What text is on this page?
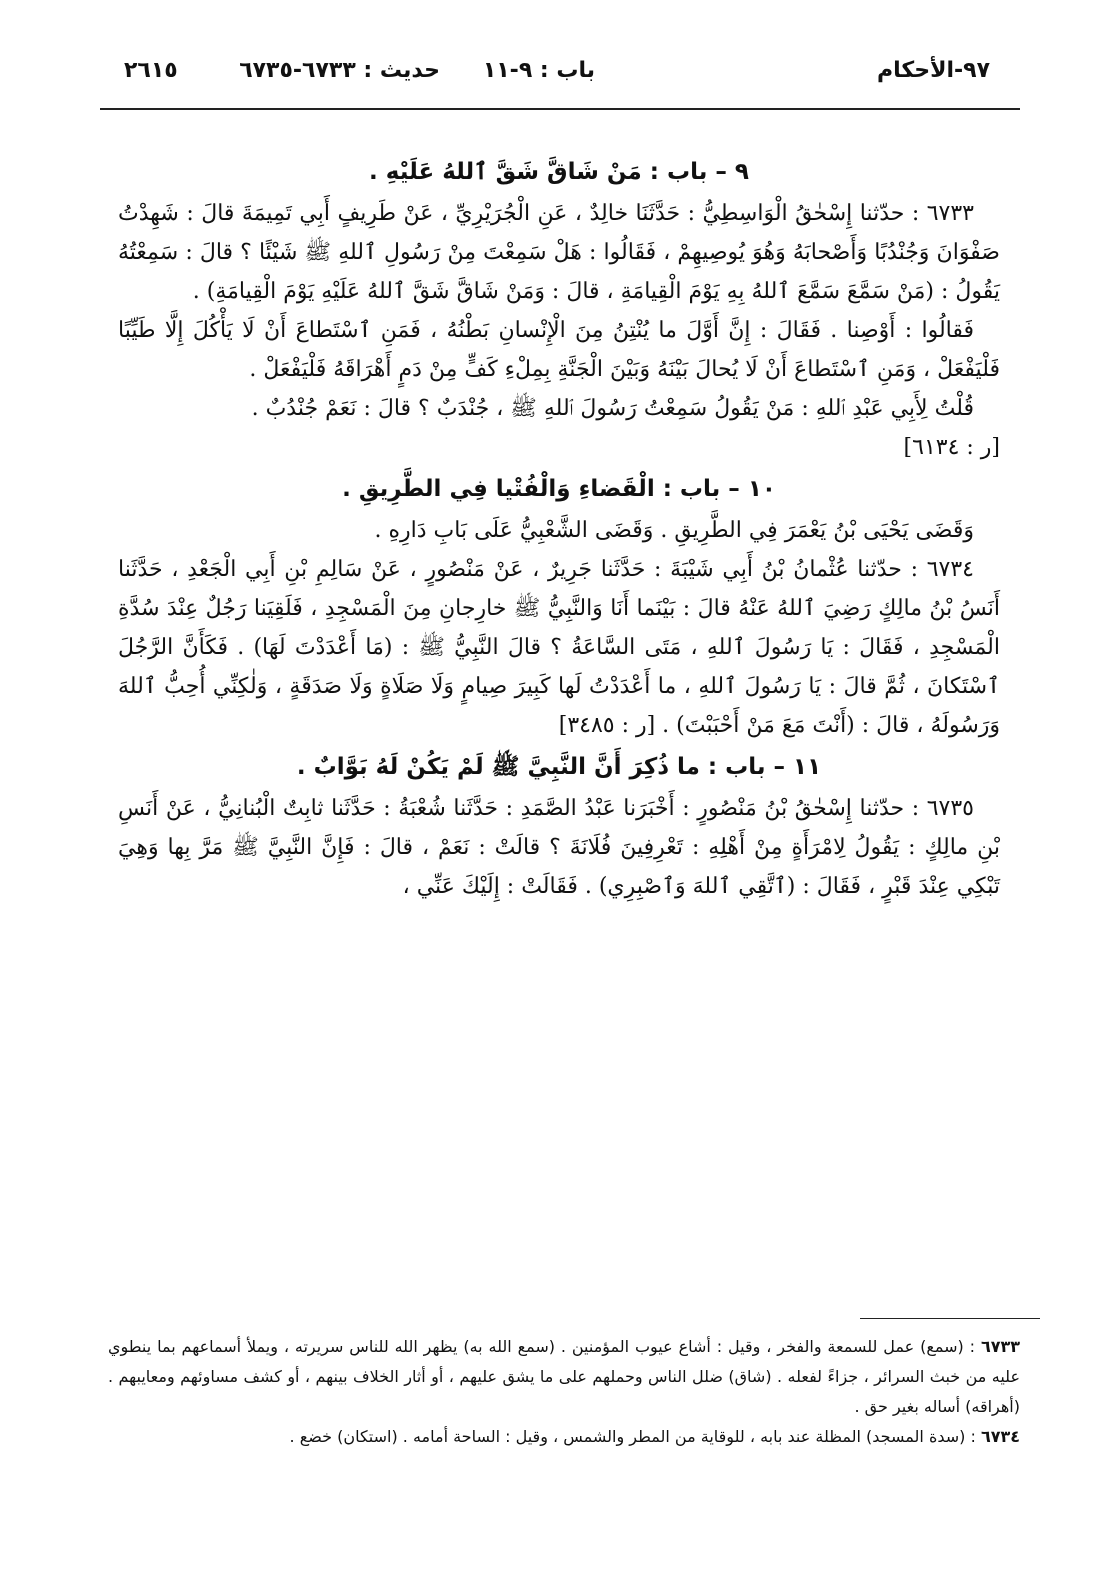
٩٧-الأحكام
باب : ٩-١١
حديث : ٦٧٣٣-٦٧٣٥
٢٦١٥

٩ – باب : مَنْ شَاقَّ شَقَّ ٱللهُ عَلَيْهِ .

٦٧٣٣ : حدّثنا إِسْحٰقُ الْوَاسِطِيُّ : حَدَّثَنَا خالِدٌ ، عَنِ الْجُرَيْرِيِّ ، عَنْ طَرِيفٍ أَبِي تَمِيمَةَ قالَ : شَهِدْتُ صَفْوَانَ وَجُنْدُبًا وَأَصْحابَهُ وَهُوَ يُوصِيهِمْ ، فَقَالُوا : هَلْ سَمِعْتَ مِنْ رَسُولِ ٱللهِ ﷺ شَيْئًا ؟ قالَ : سَمِعْتُهُ يَقُولُ : (مَنْ سَمَّعَ سَمَّعَ ٱللهُ بِهِ يَوْمَ الْقِيامَةِ ، قالَ : وَمَنْ شَاقَّ شَقَّ ٱللهُ عَلَيْهِ يَوْمَ الْقِيامَةِ) .

فَقالُوا : أَوْصِنا . فَقَالَ : إِنَّ أَوَّلَ ما يُنْتِنُ مِنَ الْإِنْسانِ بَطْنُهُ ، فَمَنِ ٱسْتَطاعَ أَنْ لَا يَأْكُلَ إِلَّا طَيِّبًا فَلْيَفْعَلْ ، وَمَنِ ٱسْتَطاعَ أَنْ لَا يُحالَ بَيْنَهُ وَبَيْنَ الْجَنَّةِ بِمِلْءِ كَفٍّ مِنْ دَمٍ أَهْرَاقَهُ فَلْيَفْعَلْ .

قُلْتُ لِأَبِي عَبْدِ ٱللهِ : مَنْ يَقُولُ سَمِعْتُ رَسُولَ ٱللهِ ﷺ ، جُنْدَبٌ ؟ قالَ : نَعَمْ جُنْدُبٌ .

[ر : ٦١٣٤]

١٠ – باب : الْقَضاءِ وَالْفُتْيا فِي الطَّرِيقِ .

وَقَضَى يَحْيَى بْنُ يَعْمَرَ فِي الطَّرِيقِ . وَقَضَى الشَّعْبِيُّ عَلَى بَابِ دَارِهِ .

٦٧٣٤ : حدّثنا عُثْمانُ بْنُ أَبِي شَيْبَةَ : حَدَّثَنا جَرِيرٌ ، عَنْ مَنْصُورٍ ، عَنْ سَالِمِ بْنِ أَبِي الْجَعْدِ ، حَدَّثَنا أَنَسُ بْنُ مالِكٍ رَضِيَ ٱللهُ عَنْهُ قالَ : بَيْنَما أَنَا وَالنَّبِيُّ ﷺ خارِجانِ مِنَ الْمَسْجِدِ ، فَلَقِيَنا رَجُلٌ عِنْدَ سُدَّةِ الْمَسْجِدِ ، فَقَالَ : يَا رَسُولَ ٱللهِ ، مَتَى السَّاعَةُ ؟ قالَ النَّبِيُّ ﷺ : (مَا أَعْدَدْتَ لَهَا) . فَكَأَنَّ الرَّجُلَ ٱسْتَكانَ ، ثُمَّ قالَ : يَا رَسُولَ ٱللهِ ، ما أَعْدَدْتُ لَها كَبِيرَ صِيامٍ وَلَا صَلَاةٍ وَلَا صَدَقَةٍ ، وَلٰكِنِّي أُحِبُّ ٱللهَ وَرَسُولَهُ ، قالَ : (أَنْتَ مَعَ مَنْ أَحْبَبْتَ) . [ر : ٣٤٨٥]

١١ – باب : ما ذُكِرَ أَنَّ النَّبِيَّ ﷺ لَمْ يَكُنْ لَهُ بَوَّابٌ .

٦٧٣٥ : حدّثنا إِسْحٰقُ بْنُ مَنْصُورٍ : أَخْبَرَنا عَبْدُ الصَّمَدِ : حَدَّثَنا شُعْبَةُ : حَدَّثَنا ثابِتٌ الْبُنانِيُّ ، عَنْ أَنَسِ بْنِ مالِكٍ : يَقُولُ لِامْرَأَةٍ مِنْ أَهْلِهِ : تَعْرِفِينَ فُلَانَةَ ؟ قالَتْ : نَعَمْ ، قالَ : فَإِنَّ النَّبِيَّ ﷺ مَرَّ بِها وَهِيَ تَبْكِي عِنْدَ قَبْرٍ ، فَقَالَ : (ٱتَّقِي ٱللهَ وَٱصْبِرِي) . فَقَالَتْ : إِلَيْكَ عَنِّي ،

٦٧٣٣ : (سمع) عمل للسمعة والفخر ، وقيل : أشاع عيوب المؤمنين . (سمع الله به) يظهر الله للناس سريرته ، ويملأ أسماعهم بما ينطوي عليه من خبث السرائر ، جزاءً لفعله . (شاق) ضلل الناس وحملهم على ما يشق عليهم ، أو أثار الخلاف بينهم ، أو كشف مساوئهم ومعايبهم . (أهراقه) أساله بغير حق .

٦٧٣٤ : (سدة المسجد) المظلة عند بابه ، للوقاية من المطر والشمس ، وقيل : الساحة أمامه . (استكان) خضع .
